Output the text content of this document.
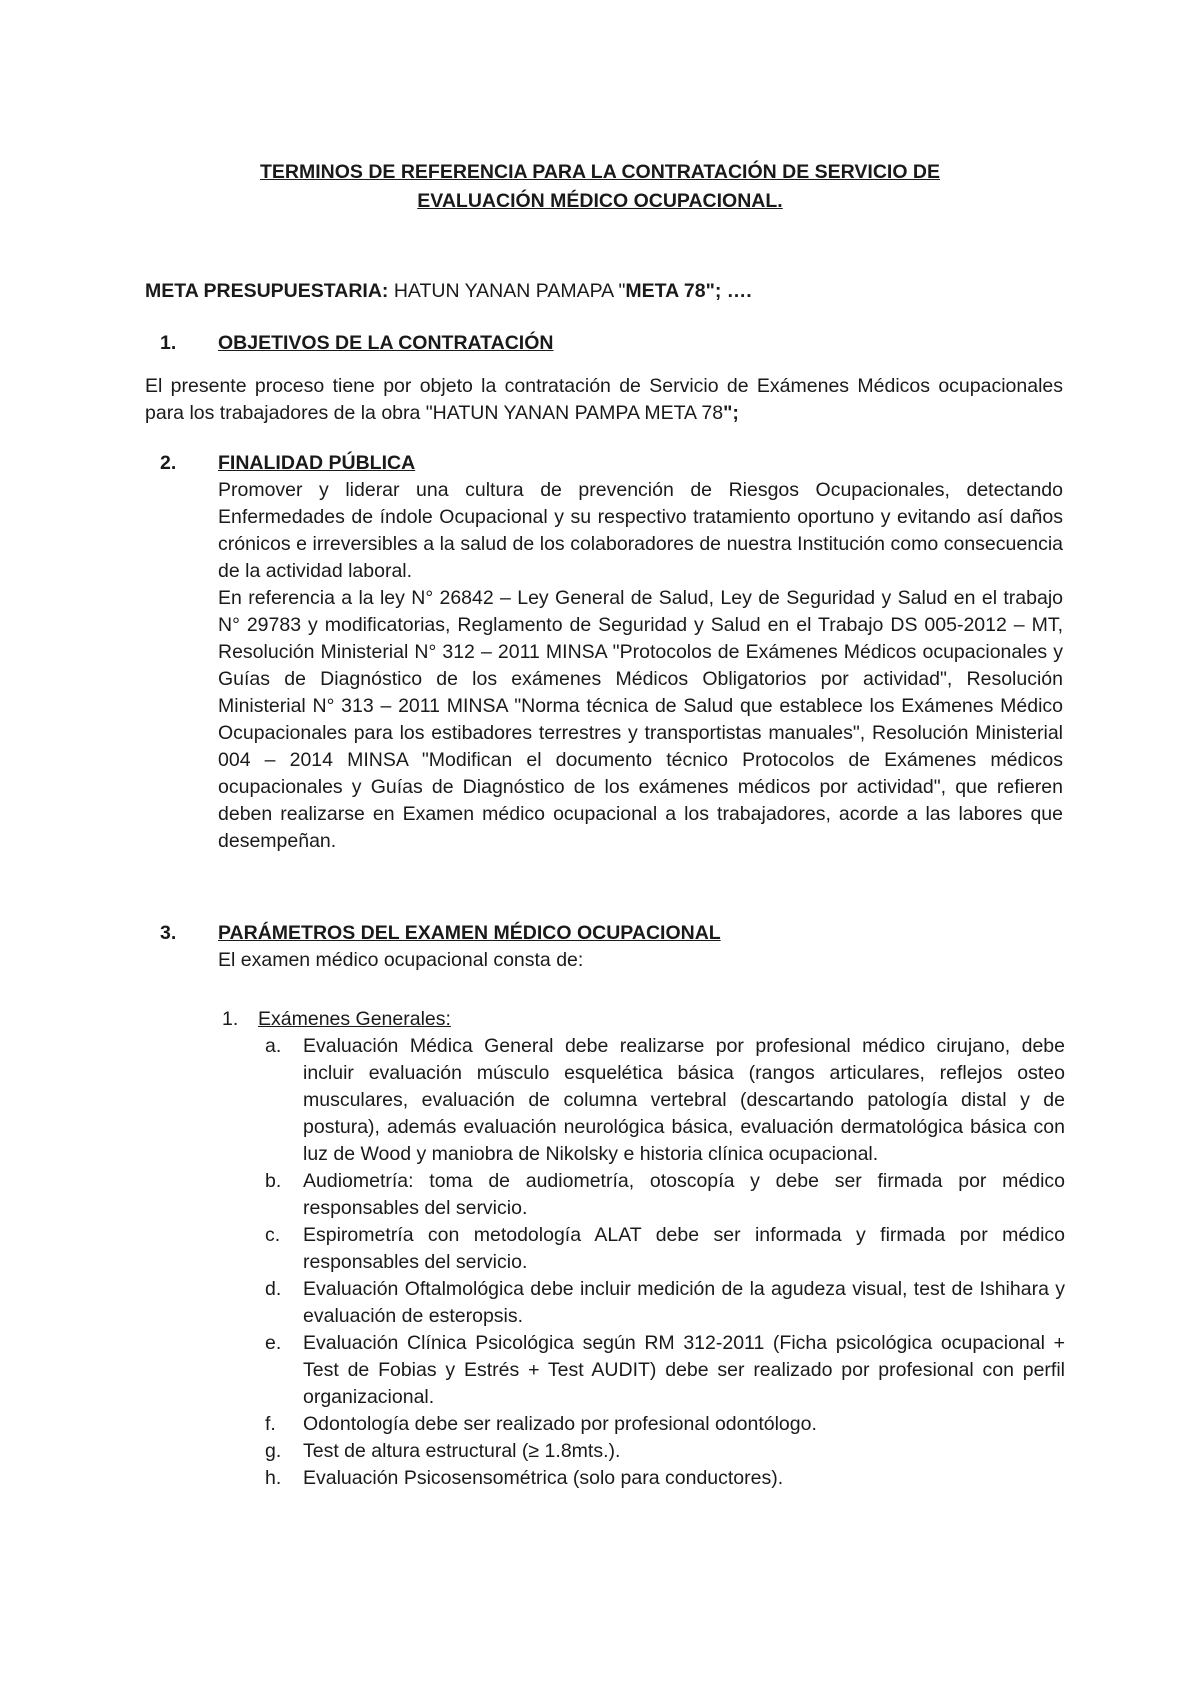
TERMINOS DE REFERENCIA PARA LA CONTRATACIÓN DE SERVICIO DE
EVALUACIÓN MÉDICO OCUPACIONAL.
META PRESUPUESTARIA: HATUN YANAN PAMAPA "META 78"; ….
1. OBJETIVOS DE LA CONTRATACIÓN
El presente proceso tiene por objeto la contratación de Servicio de Exámenes Médicos ocupacionales para los trabajadores de la obra "HATUN YANAN PAMPA META 78";
2. FINALIDAD PÚBLICA
Promover y liderar una cultura de prevención de Riesgos Ocupacionales, detectando Enfermedades de índole Ocupacional y su respectivo tratamiento oportuno y evitando así daños crónicos e irreversibles a la salud de los colaboradores de nuestra Institución como consecuencia de la actividad laboral.
En referencia a la ley N° 26842 – Ley General de Salud, Ley de Seguridad y Salud en el trabajo N° 29783 y modificatorias, Reglamento de Seguridad y Salud en el Trabajo DS 005-2012 – MT, Resolución Ministerial N° 312 – 2011 MINSA "Protocolos de Exámenes Médicos ocupacionales y Guías de Diagnóstico de los exámenes Médicos Obligatorios por actividad", Resolución Ministerial N° 313 – 2011 MINSA "Norma técnica de Salud que establece los Exámenes Médico Ocupacionales para los estibadores terrestres y transportistas manuales", Resolución Ministerial 004 – 2014 MINSA "Modifican el documento técnico Protocolos de Exámenes médicos ocupacionales y Guías de Diagnóstico de los exámenes médicos por actividad", que refieren deben realizarse en Examen médico ocupacional a los trabajadores, acorde a las labores que desempeñan.
3. PARÁMETROS DEL EXAMEN MÉDICO OCUPACIONAL
El examen médico ocupacional consta de:
1. Exámenes Generales:
a.	Evaluación Médica General debe realizarse por profesional médico cirujano, debe incluir evaluación músculo esquelética básica (rangos articulares, reflejos osteo musculares, evaluación de columna vertebral (descartando patología distal y de postura), además evaluación neurológica básica, evaluación dermatológica básica con luz de Wood y maniobra de Nikolsky e historia clínica ocupacional.
b.	Audiometría: toma de audiometría, otoscopía y debe ser firmada por médico responsables del servicio.
c.	Espirometría con metodología ALAT debe ser informada y firmada por médico responsables del servicio.
d.	Evaluación Oftalmológica debe incluir medición de la agudeza visual, test de Ishihara y evaluación de esteropsis.
e.	Evaluación Clínica Psicológica según RM 312-2011 (Ficha psicológica ocupacional + Test de Fobias y Estrés + Test AUDIT) debe ser realizado por profesional con perfil organizacional.
f.	Odontología debe ser realizado por profesional odontólogo.
g.	Test de altura estructural (≥ 1.8mts.).
h.	Evaluación Psicosensométrica (solo para conductores).
